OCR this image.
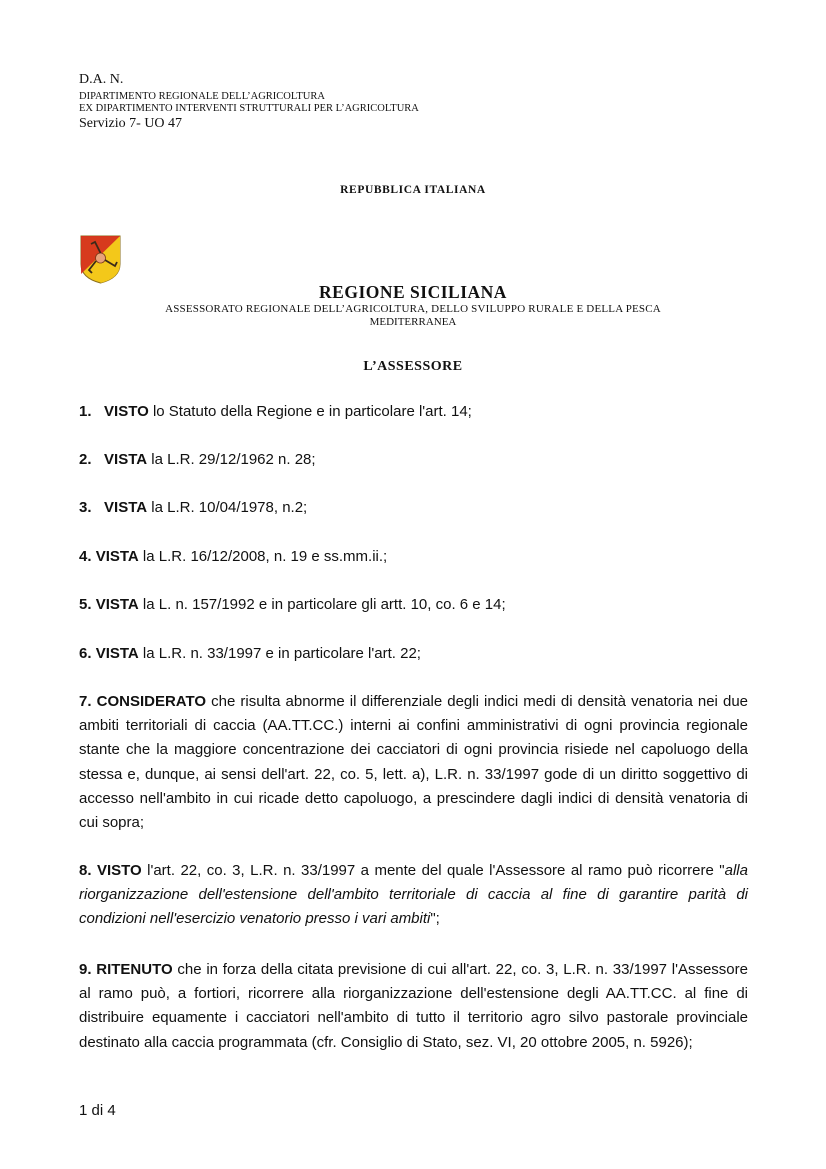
D.A. N.
DIPARTIMENTO REGIONALE DELL’AGRICOLTURA
EX DIPARTIMENTO INTERVENTI STRUTTURALI PER L’AGRICOLTURA
Servizio 7- UO 47
REPUBBLICA ITALIANA
REGIONE SICILIANA
ASSESSORATO REGIONALE DELL’AGRICOLTURA, DELLO SVILUPPO RURALE E DELLA PESCA
MEDITERRANEA
L’ASSESSORE
1. VISTO lo Statuto della Regione e in particolare l'art. 14;
2. VISTA la L.R. 29/12/1962 n. 28;
3. VISTA la L.R. 10/04/1978, n.2;
4. VISTA la L.R. 16/12/2008, n. 19 e ss.mm.ii.;
5. VISTA la L. n. 157/1992 e in particolare gli artt. 10, co. 6 e 14;
6. VISTA la L.R. n. 33/1997 e in particolare l'art. 22;
7. CONSIDERATO che risulta abnorme il differenziale degli indici medi di densità venatoria nei due ambiti territoriali di caccia (AA.TT.CC.) interni ai confini amministrativi di ogni provincia regionale stante che la maggiore concentrazione dei cacciatori di ogni provincia risiede nel capoluogo della stessa e, dunque, ai sensi dell'art. 22, co. 5, lett. a), L.R. n. 33/1997 gode di un diritto soggettivo di accesso nell'ambito in cui ricade detto capoluogo, a prescindere dagli indici di densità venatoria di cui sopra;
8. VISTO l'art. 22, co. 3, L.R. n. 33/1997 a mente del quale l'Assessore al ramo può ricorrere "alla riorganizzazione dell'estensione dell'ambito territoriale di caccia al fine di garantire parità di condizioni nell'esercizio venatorio presso i vari ambiti";
9. RITENUTO che in forza della citata previsione di cui all'art. 22, co. 3, L.R. n. 33/1997 l'Assessore al ramo può, a fortiori, ricorrere alla riorganizzazione dell'estensione degli AA.TT.CC. al fine di distribuire equamente i cacciatori nell'ambito di tutto il territorio agro silvo pastorale provinciale destinato alla caccia programmata (cfr. Consiglio di Stato, sez. VI, 20 ottobre 2005, n. 5926);
1 di 4
